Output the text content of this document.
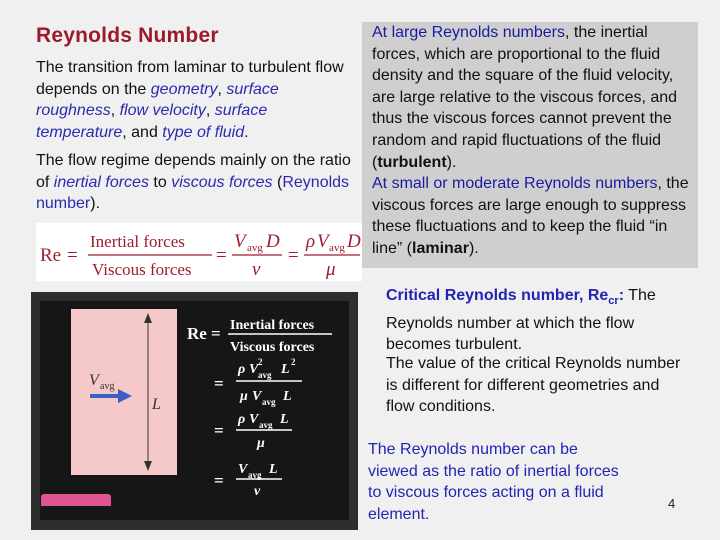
Reynolds Number
The transition from laminar to turbulent flow depends on the geometry, surface roughness, flow velocity, surface temperature, and type of fluid.
The flow regime depends mainly on the ratio of inertial forces to viscous forces (Reynolds number).
Re =
Inertial forces
Viscous forces
=
V avg D
ν
=
ρ V avg D
μ
At large Reynolds numbers, the inertial forces, which are proportional to the fluid density and the square of the fluid velocity, are large relative to the viscous forces, and thus the viscous forces cannot prevent the random and rapid fluctuations of the fluid (turbulent).
At small or moderate Reynolds numbers, the viscous forces are large enough to suppress these fluctuations and to keep the fluid “in line” (laminar).
L
V avg
Re = Inertial forces
Viscous forces
=
ρ V 2
avg L 2
μ V avg L
=
ρ V avg L
μ
=
V avg L
ν
Critical Reynolds number, $Re_{cr}$: The Reynolds number at which the flow becomes turbulent.
The value of the critical Reynolds number is different for different geometries and flow conditions.
The Reynolds number can be viewed as the ratio of inertial forces to viscous forces acting on a fluid element.
4
